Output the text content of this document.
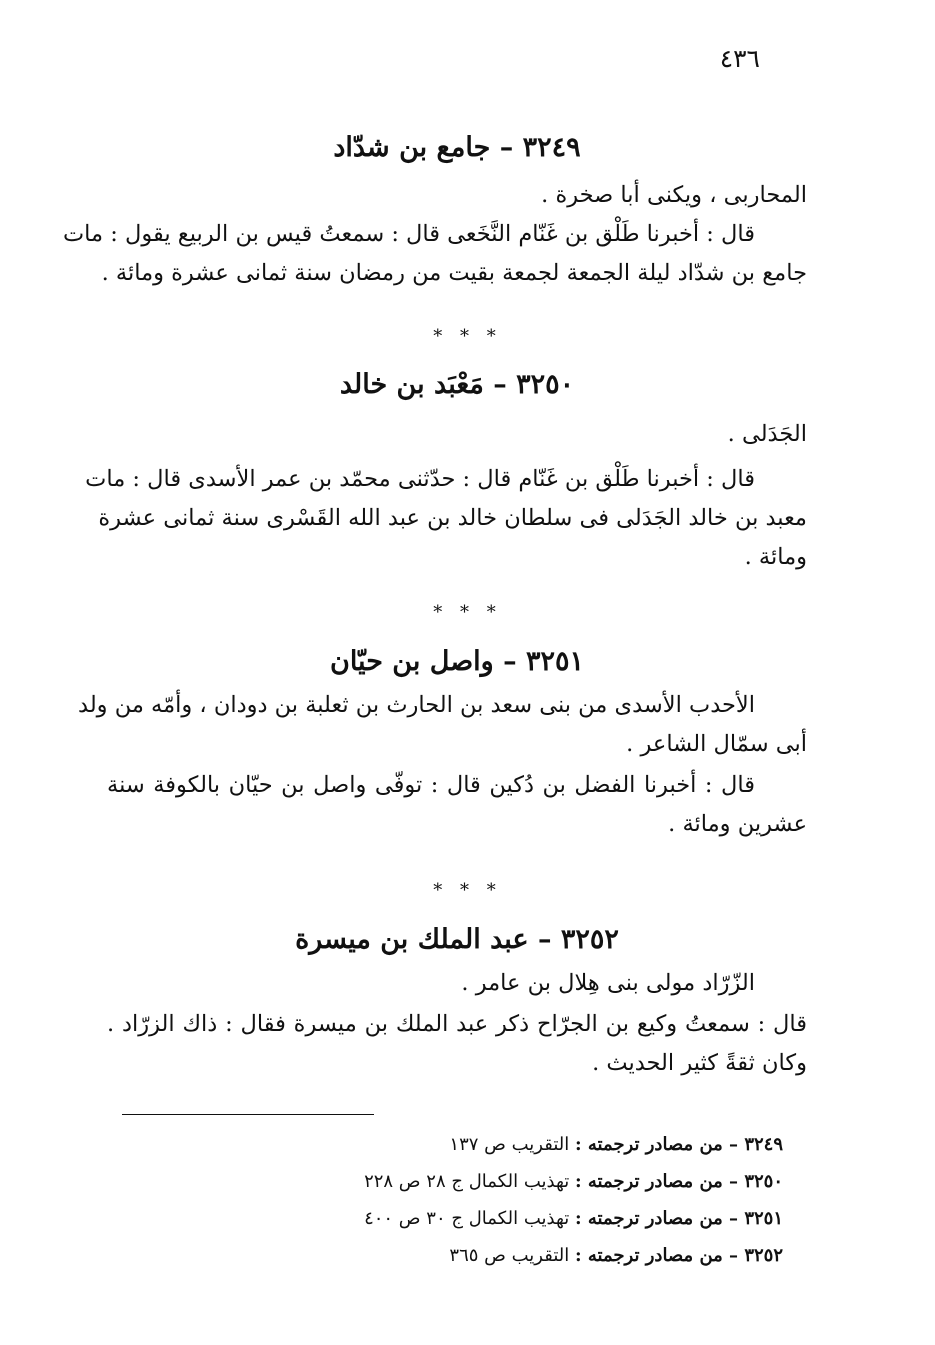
٤٣٦
٣٢٤٩ – جامع بن شدّاد
المحاربى ، ويكنى أبا صخرة .
قال : أخبرنا طَلْق بن غَنّام النَّخَعى قال : سمعتُ قيس بن الربيع يقول : مات
جامع بن شدّاد ليلة الجمعة لجمعة بقيت من رمضان سنة ثمانى عشرة ومائة .
* * *
٣٢٥٠ – مَعْبَد بن خالد
الجَدَلى .
قال : أخبرنا طَلْق بن غَنّام قال : حدّثنى محمّد بن عمر الأسدى قال : مات
معبد بن خالد الجَدَلى فى سلطان خالد بن عبد الله القَسْرى سنة ثمانى عشرة
ومائة .
* * *
٣٢٥١ – واصل بن حيّان
الأحدب الأسدى من بنى سعد بن الحارث بن ثعلبة بن دودان ، وأمّه من ولد
أبى سمّال الشاعر .
قال : أخبرنا الفضل بن دُكين قال : توفّى واصل بن حيّان بالكوفة سنة
عشرين ومائة .
* * *
٣٢٥٢ – عبد الملك بن ميسرة
الزّرّاد مولى بنى هِلال بن عامر .
قال : سمعتُ وكيع بن الجرّاح ذكر عبد الملك بن ميسرة فقال : ذاك الزرّاد .
وكان ثقةً كثير الحديث .
٣٢٤٩ – من مصادر ترجمته : التقريب ص ١٣٧
٣٢٥٠ – من مصادر ترجمته : تهذيب الكمال ج ٢٨ ص ٢٢٨
٣٢٥١ – من مصادر ترجمته : تهذيب الكمال ج ٣٠ ص ٤٠٠
٣٢٥٢ – من مصادر ترجمته : التقريب ص ٣٦٥
